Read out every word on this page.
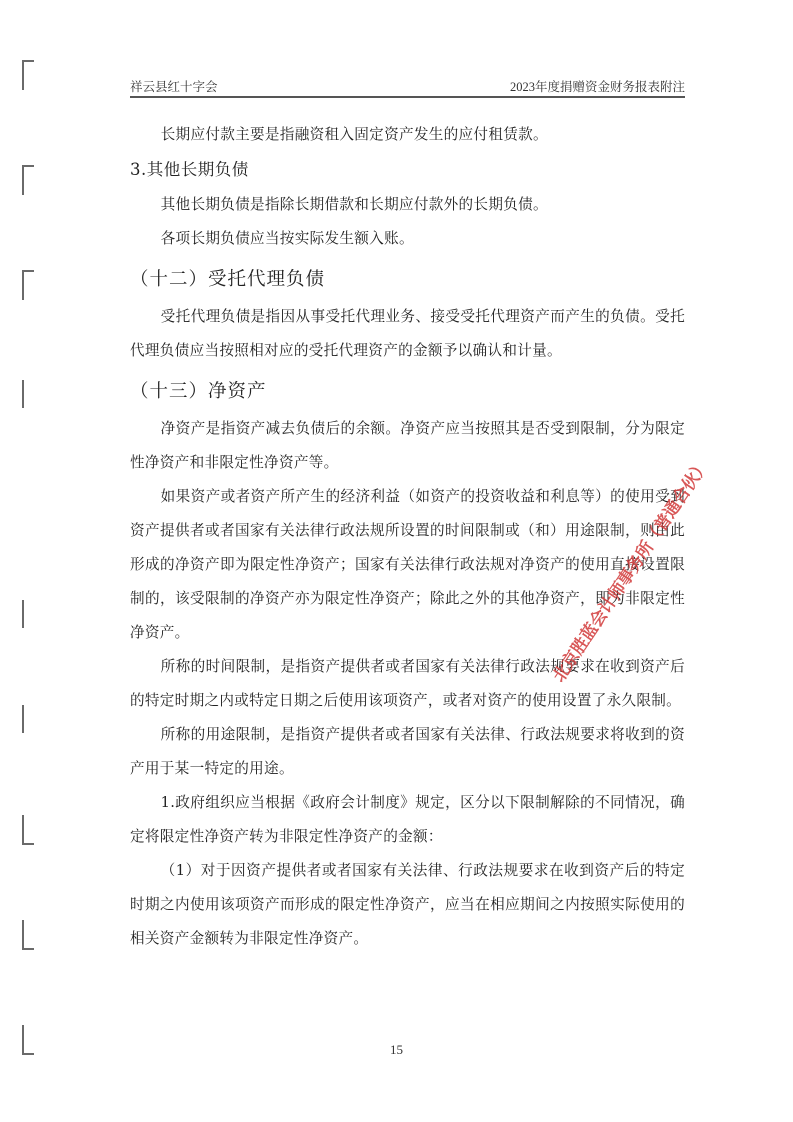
祥云县红十字会	2023年度捐赠资金财务报表附注

长期应付款主要是指融资租入固定资产发生的应付租赁款。

3.其他长期负债

其他长期负债是指除长期借款和长期应付款外的长期负债。

各项长期负债应当按实际发生额入账。

（十二）受托代理负债

受托代理负债是指因从事受托代理业务、接受受托代理资产而产生的负债。受托代理负债应当按照相对应的受托代理资产的金额予以确认和计量。

（十三）净资产

净资产是指资产减去负债后的余额。净资产应当按照其是否受到限制，分为限定性净资产和非限定性净资产等。

如果资产或者资产所产生的经济利益（如资产的投资收益和利息等）的使用受到资产提供者或者国家有关法律行政法规所设置的时间限制或（和）用途限制，则由此形成的净资产即为限定性净资产；国家有关法律行政法规对净资产的使用直接设置限制的，该受限制的净资产亦为限定性净资产；除此之外的其他净资产，即为非限定性净资产。

所称的时间限制，是指资产提供者或者国家有关法律行政法规要求在收到资产后的特定时期之内或特定日期之后使用该项资产，或者对资产的使用设置了永久限制。

所称的用途限制，是指资产提供者或者国家有关法律、行政法规要求将收到的资产用于某一特定的用途。

1.政府组织应当根据《政府会计制度》规定，区分以下限制解除的不同情况，确定将限定性净资产转为非限定性净资产的金额：

（1）对于因资产提供者或者国家有关法律、行政法规要求在收到资产后的特定时期之内使用该项资产而形成的限定性净资产，应当在相应期间之内按照实际使用的相关资产金额转为非限定性净资产。

北京胜蓝会计师事务所（普通合伙）
15
